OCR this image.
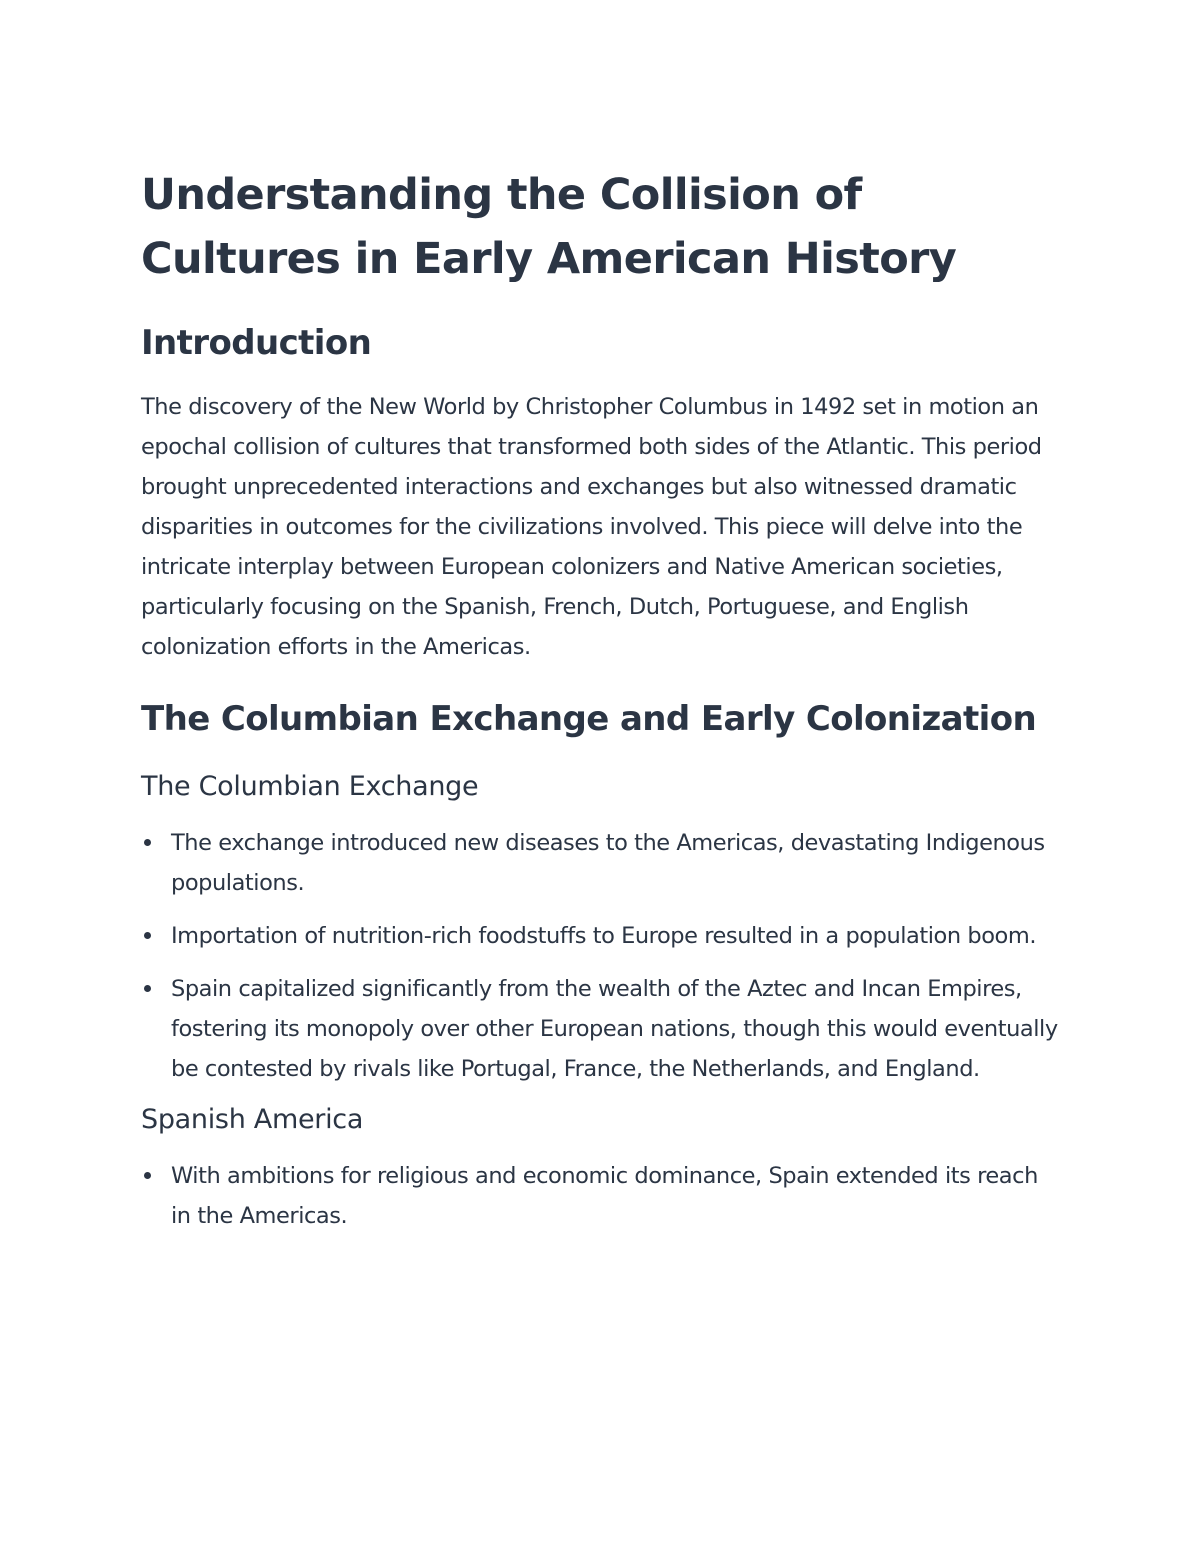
Understanding the Collision of Cultures in Early American History
Introduction

The discovery of the New World by Christopher Columbus in 1492 set in motion an epochal collision of cultures that transformed both sides of the Atlantic. This period brought unprecedented interactions and exchanges but also witnessed dramatic disparities in outcomes for the civilizations involved. This piece will delve into the intricate interplay between European colonizers and Native American societies, particularly focusing on the Spanish, French, Dutch, Portuguese, and English colonization efforts in the Americas.

The Columbian Exchange and Early Colonization
The Columbian Exchange
The exchange introduced new diseases to the Americas, devastating Indigenous populations.
Importation of nutrition-rich foodstuffs to Europe resulted in a population boom.
Spain capitalized significantly from the wealth of the Aztec and Incan Empires, fostering its monopoly over other European nations, though this would eventually be contested by rivals like Portugal, France, the Netherlands, and England.
Spanish America
With ambitions for religious and economic dominance, Spain extended its reach in the Americas.
